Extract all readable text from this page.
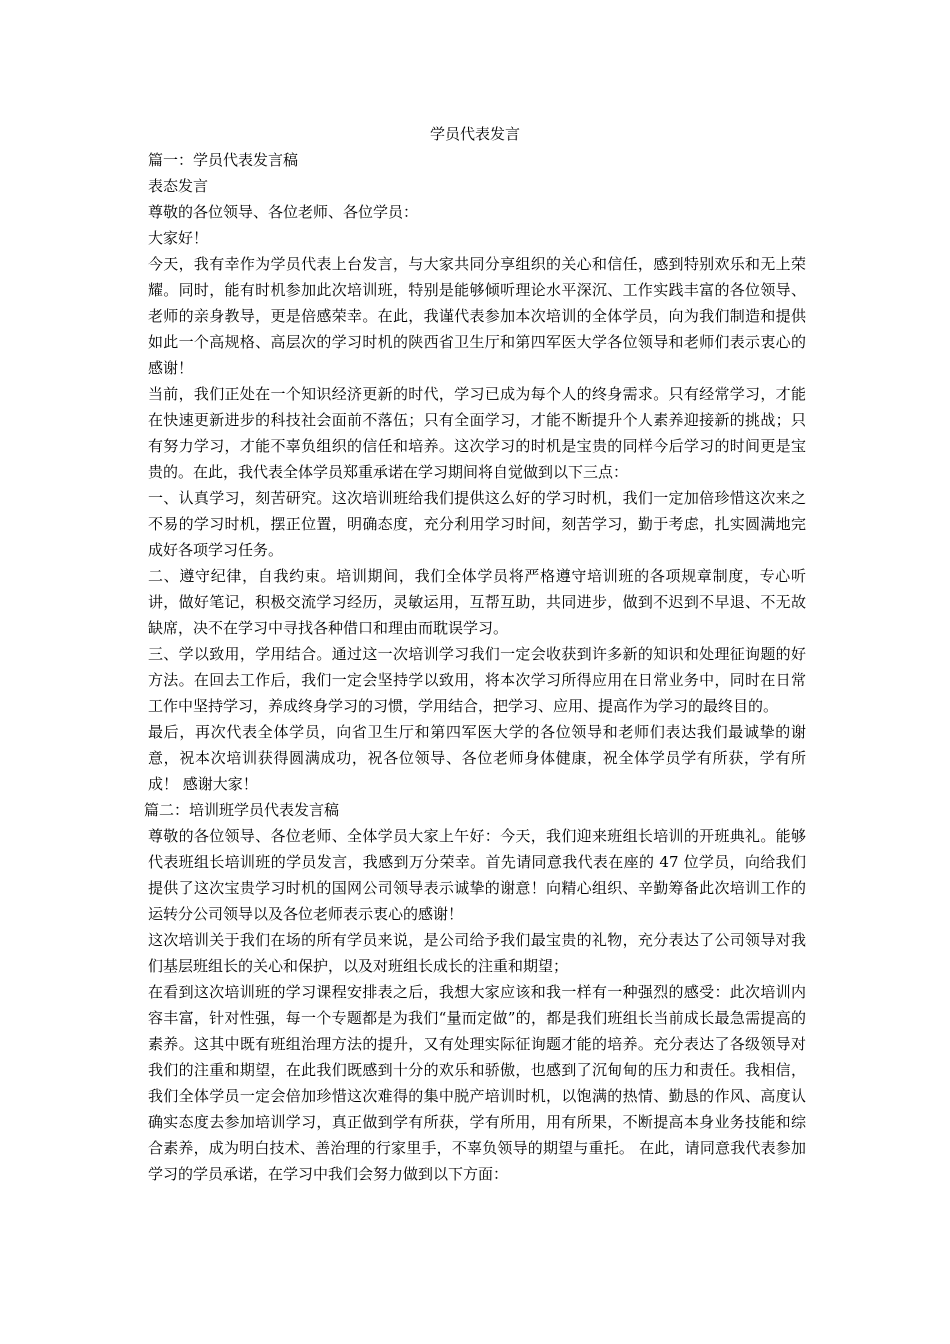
学员代表发言

篇一：学员代表发言稿

表态发言

尊敬的各位领导、各位老师、各位学员：

大家好！

今天，我有幸作为学员代表上台发言，与大家共同分享组织的关心和信任，感到特别欢乐和无上荣耀。同时，能有时机参加此次培训班，特别是能够倾听理论水平深沉、工作实践丰富的各位领导、老师的亲身教导，更是倍感荣幸。在此，我谨代表参加本次培训的全体学员，向为我们制造和提供如此一个高规格、高层次的学习时机的陕西省卫生厅和第四军医大学各位领导和老师们表示衷心的感谢！

当前，我们正处在一个知识经济更新的时代，学习已成为每个人的终身需求。只有经常学习，才能在快速更新进步的科技社会面前不落伍；只有全面学习，才能不断提升个人素养迎接新的挑战；只有努力学习，才能不辜负组织的信任和培养。这次学习的时机是宝贵的同样今后学习的时间更是宝贵的。在此，我代表全体学员郑重承诺在学习期间将自觉做到以下三点：

一、认真学习，刻苦研究。这次培训班给我们提供这么好的学习时机，我们一定加倍珍惜这次来之不易的学习时机，摆正位置，明确态度，充分利用学习时间，刻苦学习，勤于考虑，扎实圆满地完成好各项学习任务。

二、遵守纪律，自我约束。培训期间，我们全体学员将严格遵守培训班的各项规章制度，专心听讲，做好笔记，积极交流学习经历，灵敏运用，互帮互助，共同进步，做到不迟到不早退、不无故缺席，决不在学习中寻找各种借口和理由而耽误学习。

三、学以致用，学用结合。通过这一次培训学习我们一定会收获到许多新的知识和处理征询题的好方法。在回去工作后，我们一定会坚持学以致用，将本次学习所得应用在日常业务中，同时在日常工作中坚持学习，养成终身学习的习惯，学用结合，把学习、应用、提高作为学习的最终目的。

最后，再次代表全体学员，向省卫生厅和第四军医大学的各位领导和老师们表达我们最诚挚的谢意，祝本次培训获得圆满成功，祝各位领导、各位老师身体健康，祝全体学员学有所获，学有所成！ 感谢大家！

篇二：培训班学员代表发言稿

尊敬的各位领导、各位老师、全体学员大家上午好：今天，我们迎来班组长培训的开班典礼。能够代表班组长培训班的学员发言，我感到万分荣幸。首先请同意我代表在座的 47 位学员，向给我们提供了这次宝贵学习时机的国网公司领导表示诚挚的谢意！向精心组织、辛勤筹备此次培训工作的运转分公司领导以及各位老师表示衷心的感谢！

这次培训关于我们在场的所有学员来说，是公司给予我们最宝贵的礼物，充分表达了公司领导对我们基层班组长的关心和保护，以及对班组长成长的注重和期望；

在看到这次培训班的学习课程安排表之后，我想大家应该和我一样有一种强烈的感受：此次培训内容丰富，针对性强，每一个专题都是为我们“量而定做”的，都是我们班组长当前成长最急需提高的素养。这其中既有班组治理方法的提升，又有处理实际征询题才能的培养。充分表达了各级领导对我们的注重和期望，在此我们既感到十分的欢乐和骄傲，也感到了沉甸甸的压力和责任。我相信，我们全体学员一定会倍加珍惜这次难得的集中脱产培训时机，以饱满的热情、勤恳的作风、高度认确实态度去参加培训学习，真正做到学有所获，学有所用，用有所果，不断提高本身业务技能和综合素养，成为明白技术、善治理的行家里手，不辜负领导的期望与重托。 在此，请同意我代表参加学习的学员承诺，在学习中我们会努力做到以下方面：
